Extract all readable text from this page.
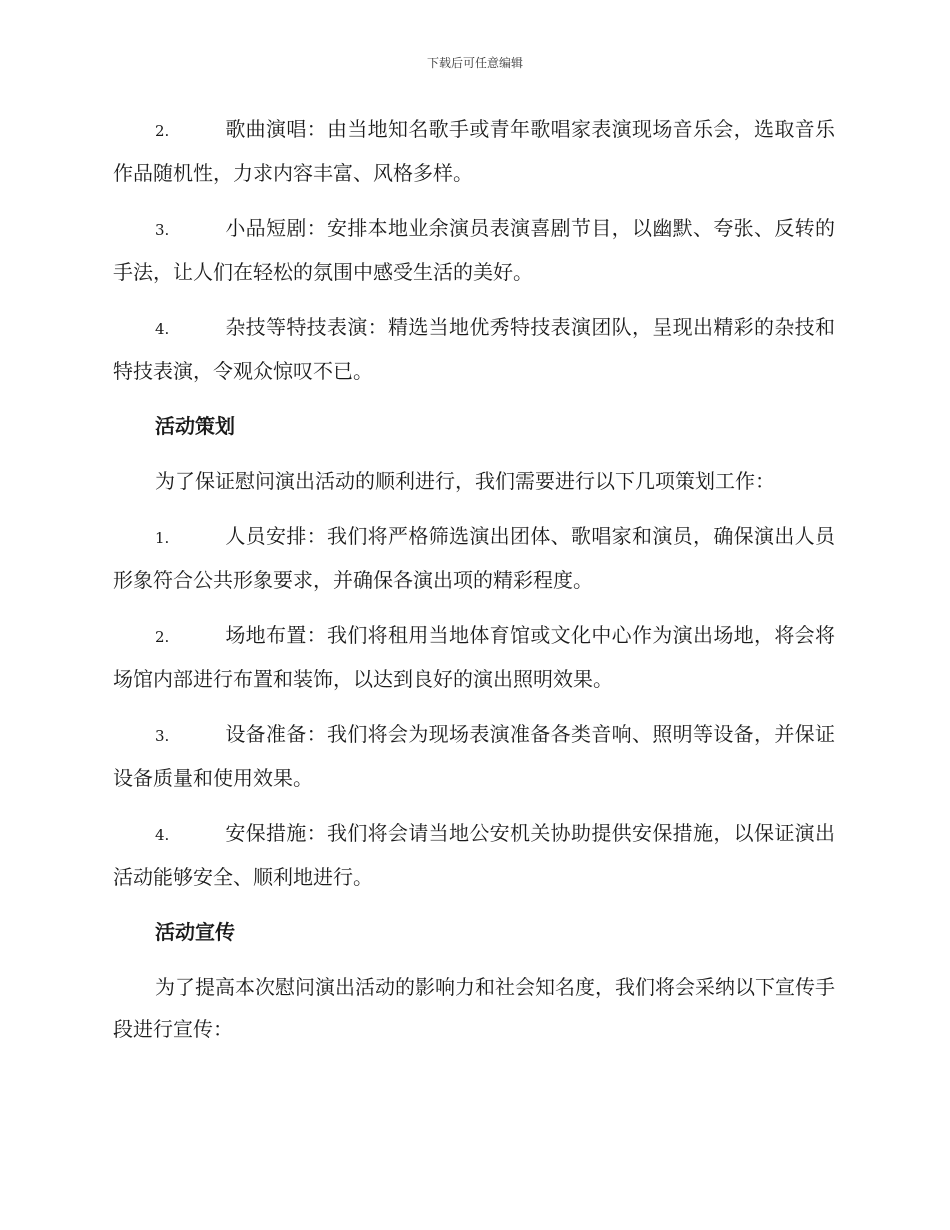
下载后可任意编辑
2.	歌曲演唱：由当地知名歌手或青年歌唱家表演现场音乐会，选取音乐作品随机性，力求内容丰富、风格多样。
3.	小品短剧：安排本地业余演员表演喜剧节目，以幽默、夸张、反转的手法，让人们在轻松的氛围中感受生活的美好。
4.	杂技等特技表演：精选当地优秀特技表演团队，呈现出精彩的杂技和特技表演，令观众惊叹不已。
活动策划
为了保证慰问演出活动的顺利进行，我们需要进行以下几项策划工作：
1.	人员安排：我们将严格筛选演出团体、歌唱家和演员，确保演出人员形象符合公共形象要求，并确保各演出项的精彩程度。
2.	场地布置：我们将租用当地体育馆或文化中心作为演出场地，将会将场馆内部进行布置和装饰，以达到良好的演出照明效果。
3.	设备准备：我们将会为现场表演准备各类音响、照明等设备，并保证设备质量和使用效果。
4.	安保措施：我们将会请当地公安机关协助提供安保措施，以保证演出活动能够安全、顺利地进行。
活动宣传
为了提高本次慰问演出活动的影响力和社会知名度，我们将会采纳以下宣传手段进行宣传：
